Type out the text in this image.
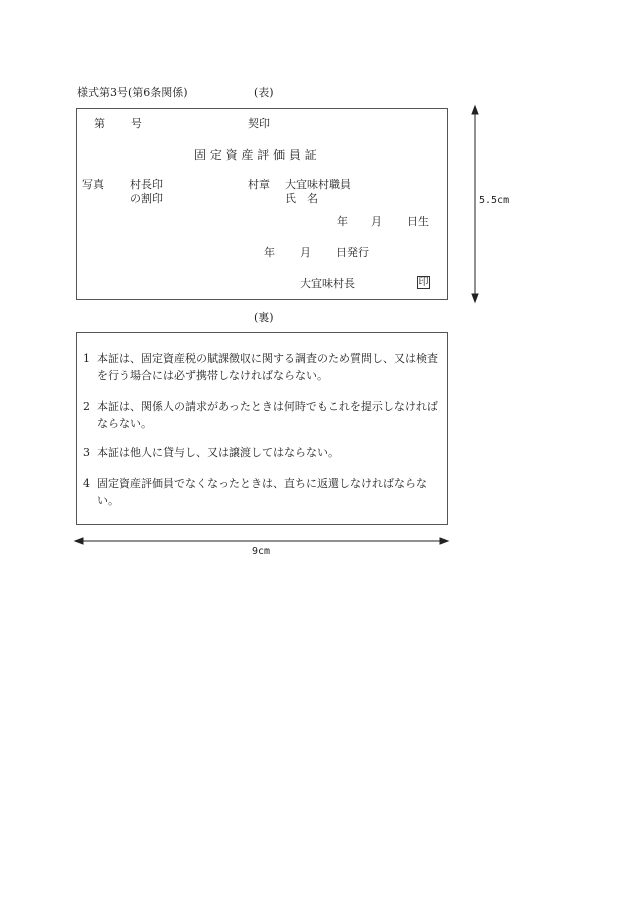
様式第3号(第6条関係)	(表)
第 号	契印
固 定 資 産 評 価 員 証
写真 村長印
の割印
村章 大宜味村職員
氏　名
年 月 日生
年 月 日発行
大宜味村長	印
(裏)
1 本証は、固定資産税の賦課徴収に関する調査のため質問し、又は検査を行う場合には必ず携帯しなければならない。
2 本証は、関係人の請求があったときは何時でもこれを提示しなければならない。
3 本証は他人に貸与し、又は譲渡してはならない。
4 固定資産評価員でなくなったときは、直ちに返還しなければならない。
5.5cm
9cm
